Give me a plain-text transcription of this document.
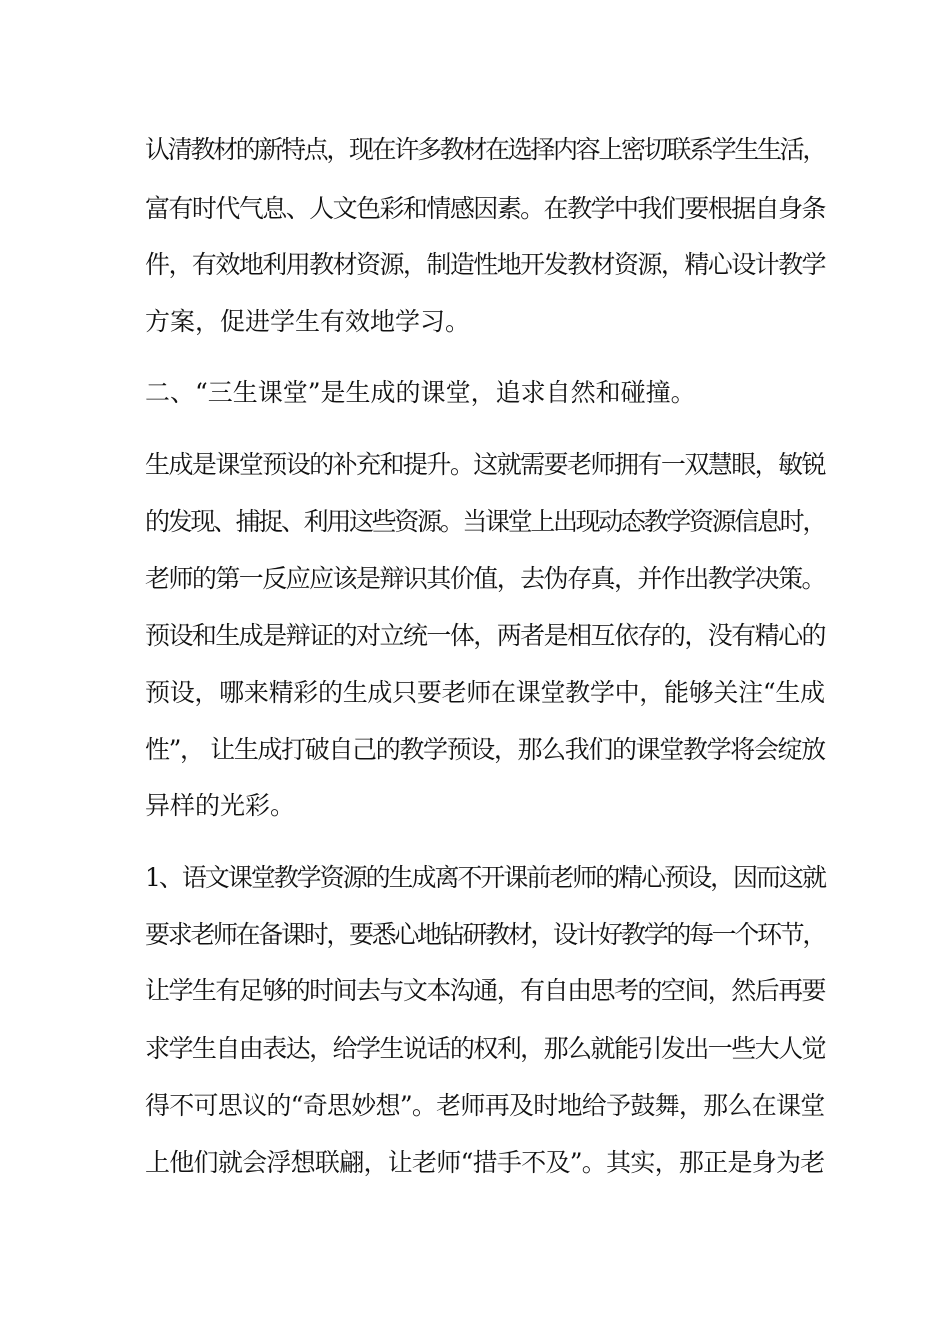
认清教材的新特点，现在许多教材在选择内容上密切联系学生生活，
富有时代气息、人文色彩和情感因素。在教学中我们要根据自身条
件，有效地利用教材资源，制造性地开发教材资源，精心设计教学
方案，促进学生有效地学习。
二、“三生课堂”是生成的课堂，追求自然和碰撞。
生成是课堂预设的补充和提升。这就需要老师拥有一双慧眼，敏锐
的发现、捕捉、利用这些资源。当课堂上出现动态教学资源信息时，
老师的第一反应应该是辩识其价值，去伪存真，并作出教学决策。
预设和生成是辩证的对立统一体，两者是相互依存的，没有精心的
预设，哪来精彩的生成只要老师在课堂教学中，能够关注“生成
性”， 让生成打破自己的教学预设，那么我们的课堂教学将会绽放
异样的光彩。
1、语文课堂教学资源的生成离不开课前老师的精心预设，因而这就
要求老师在备课时，要悉心地钻研教材，设计好教学的每一个环节，
让学生有足够的时间去与文本沟通，有自由思考的空间，然后再要
求学生自由表达，给学生说话的权利，那么就能引发出一些大人觉
得不可思议的“奇思妙想”。老师再及时地给予鼓舞，那么在课堂
上他们就会浮想联翩，让老师“措手不及”。其实，那正是身为老
